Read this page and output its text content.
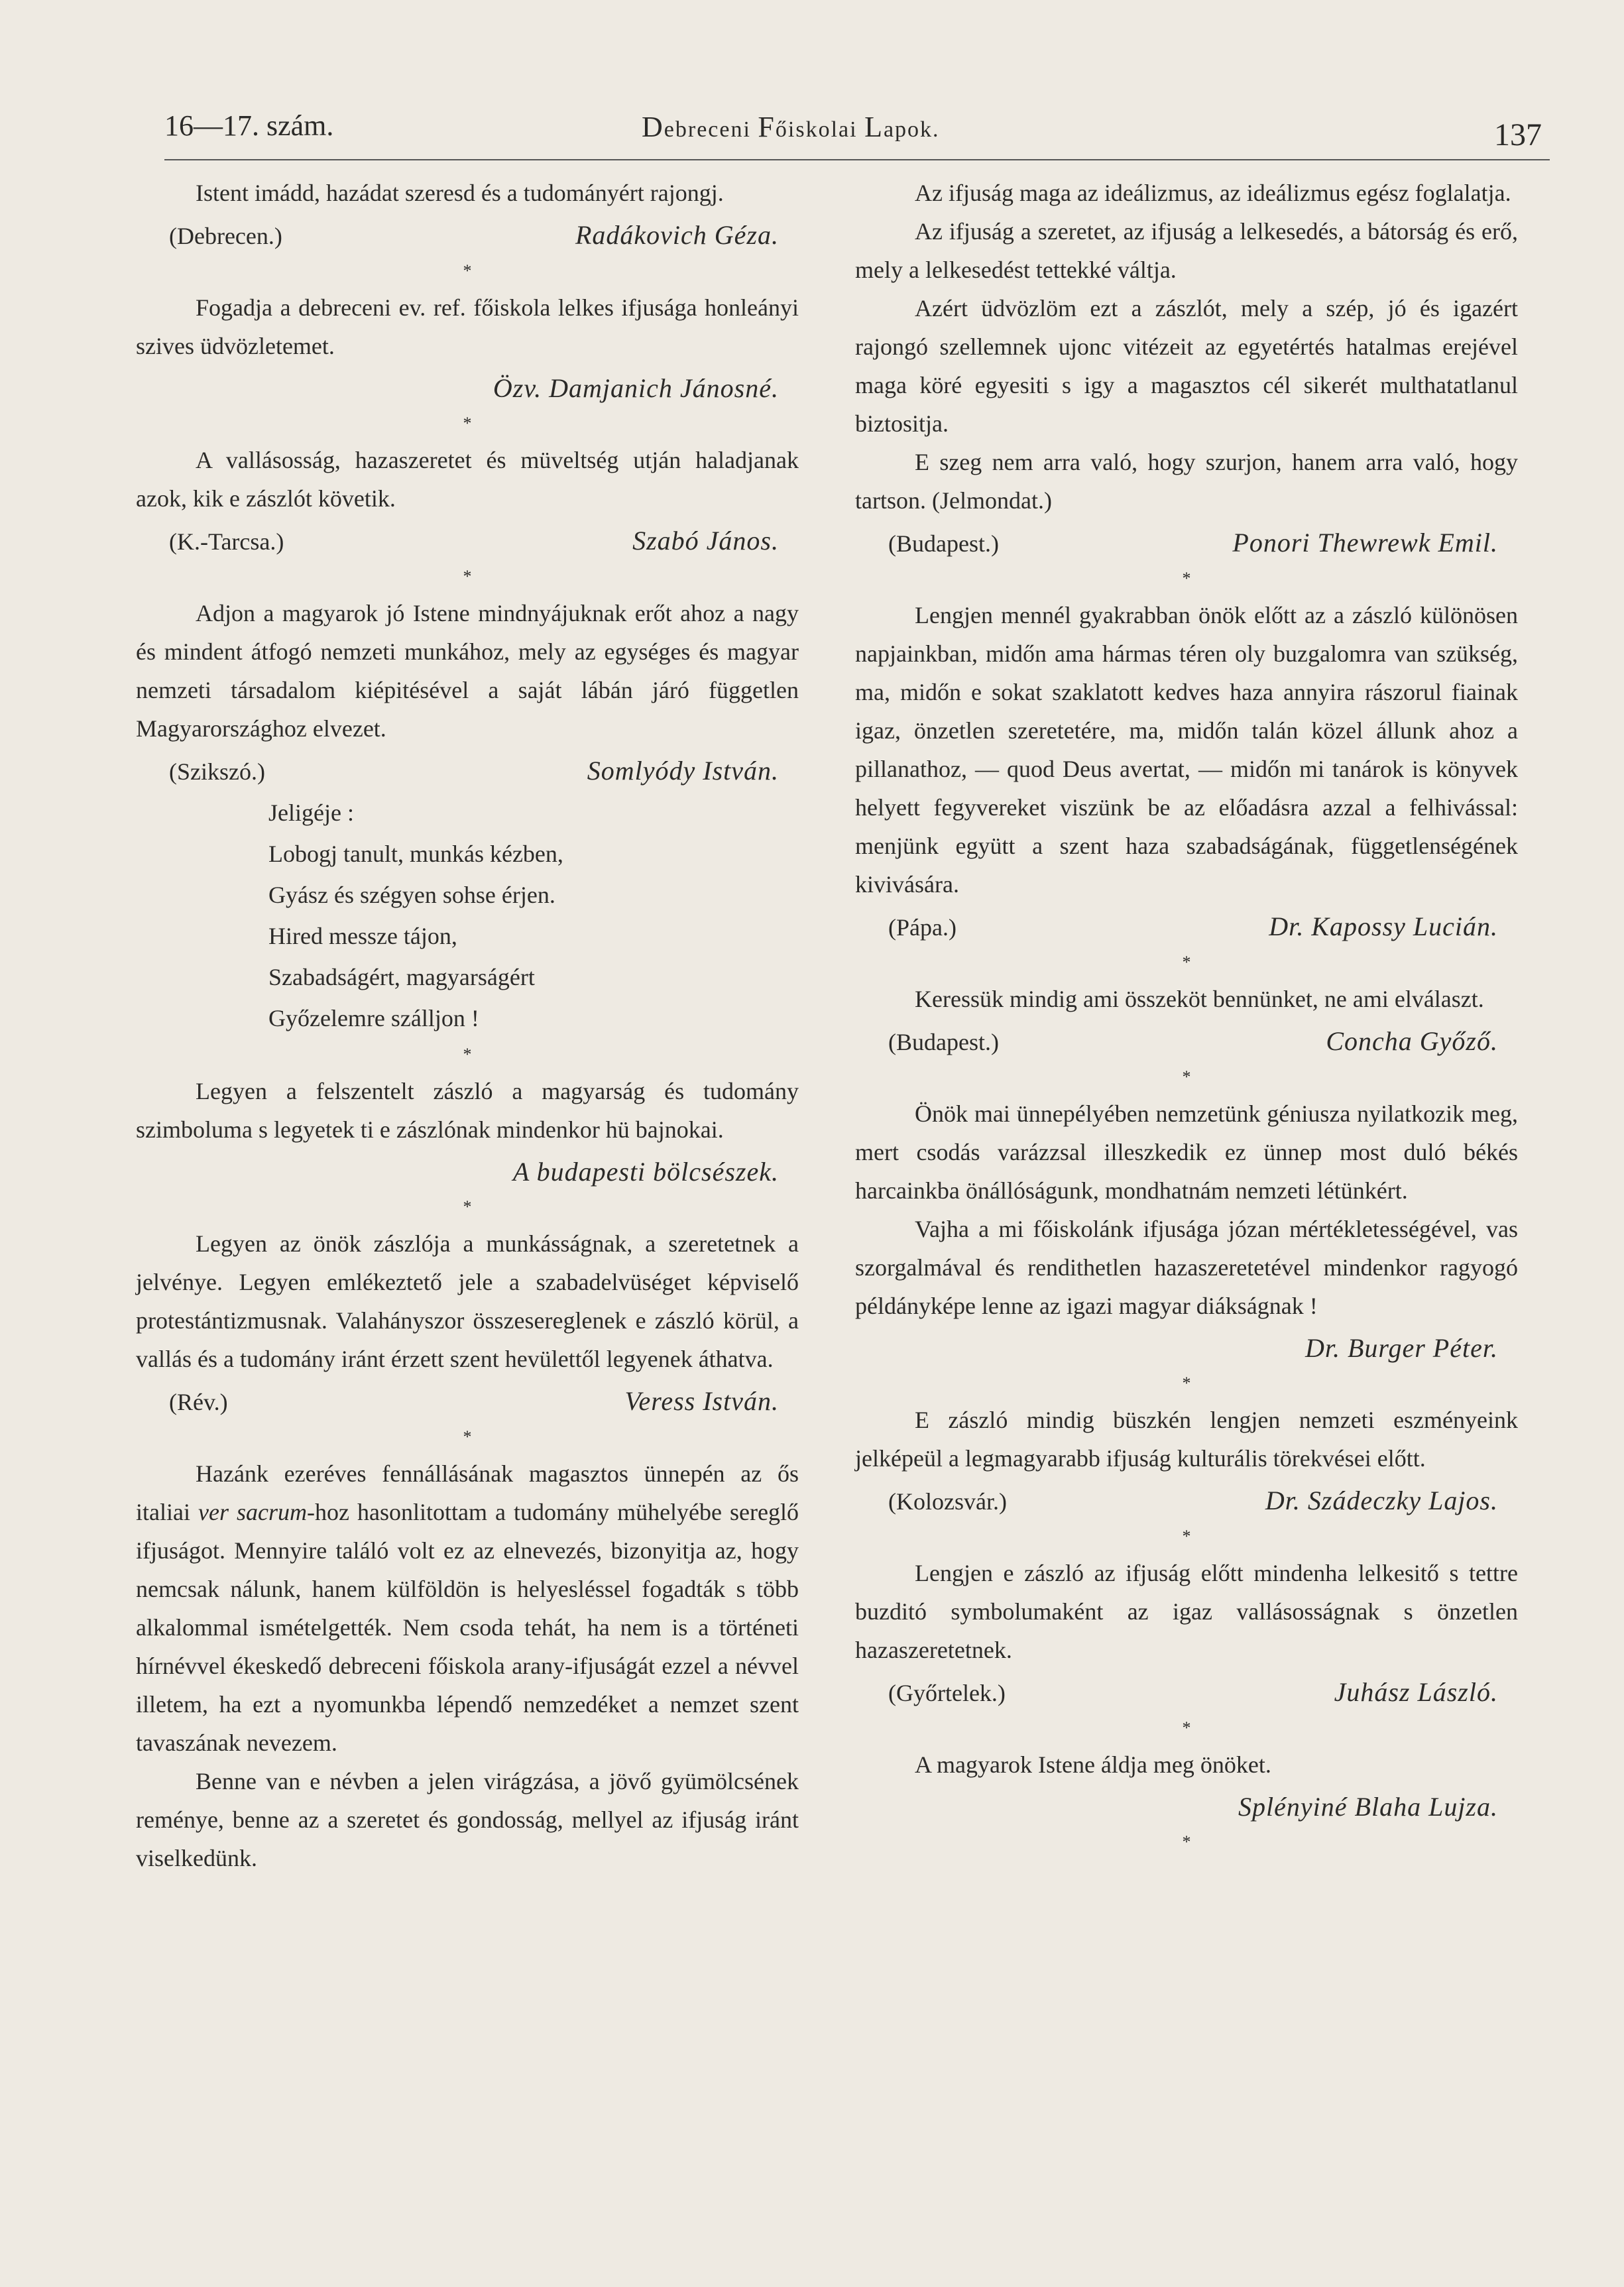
16—17. szám.	Debreceni Főiskolai Lapok.	137

Istent imádd, hazádat szeresd és a tudományért rajongj.

(Debrecen.)	Radákovich Géza.
*

Fogadja a debreceni ev. ref. főiskola lelkes ifjusága honleányi szives üdvözletemet.

Özv. Damjanich Jánosné.
*

A vallásosság, hazaszeretet és müveltség utján haladjanak azok, kik e zászlót követik.

(K.-Tarcsa.)	Szabó János.
*

Adjon a magyarok jó Istene mindnyájuknak erőt ahoz a nagy és mindent átfogó nemzeti munkához, mely az egységes és magyar nemzeti társadalom kiépitésével a saját lábán járó független Magyarországhoz elvezet.

(Szikszó.)	Somlyódy István.
Jeligéje :
Lobogj tanult, munkás kézben,
Gyász és szégyen sohse érjen.
Hired messze tájon,
Szabadságért, magyarságért
Győzelemre szálljon !
*

Legyen a felszentelt zászló a magyarság és tudomány szimboluma s legyetek ti e zászlónak mindenkor hü bajnokai.

A budapesti bölcsészek.
*

Legyen az önök zászlója a munkásságnak, a szeretetnek a jelvénye. Legyen emlékeztető jele a szabadelvüséget képviselő protestántizmusnak. Valahányszor összesereglenek e zászló körül, a vallás és a tudomány iránt érzett szent hevülettől legyenek áthatva.

(Rév.)	Veress István.
*

Hazánk ezeréves fennállásának magasztos ünnepén az ős italiai ver sacrum-hoz hasonlitottam a tudomány mühelyébe sereglő ifjuságot. Mennyire találó volt ez az elnevezés, bizonyitja az, hogy nemcsak nálunk, hanem külföldön is helyesléssel fogadták s több alkalommal ismételgették. Nem csoda tehát, ha nem is a történeti hírnévvel ékeskedő debreceni főiskola arany-ifjuságát ezzel a névvel illetem, ha ezt a nyomunkba lépendő nemzedéket a nemzet szent tavaszának nevezem.

Benne van e névben a jelen virágzása, a jövő gyümölcsének reménye, benne az a szeretet és gondosság, mellyel az ifjuság iránt viselkedünk.

Az ifjuság maga az ideálizmus, az ideálizmus egész foglalatja.

Az ifjuság a szeretet, az ifjuság a lelkesedés, a bátorság és erő, mely a lelkesedést tettekké váltja.

Azért üdvözlöm ezt a zászlót, mely a szép, jó és igazért rajongó szellemnek ujonc vitézeit az egyetértés hatalmas erejével maga köré egyesiti s igy a magasztos cél sikerét multhatatlanul biztositja.

E szeg nem arra való, hogy szurjon, hanem arra való, hogy tartson. (Jelmondat.)

(Budapest.)	Ponori Thewrewk Emil.
*

Lengjen mennél gyakrabban önök előtt az a zászló különösen napjainkban, midőn ama hármas téren oly buzgalomra van szükség, ma, midőn e sokat szaklatott kedves haza annyira rászorul fiainak igaz, önzetlen szeretetére, ma, midőn talán közel állunk ahoz a pillanathoz, — quod Deus avertat, — midőn mi tanárok is könyvek helyett fegyvereket viszünk be az előadásra azzal a felhivással: menjünk együtt a szent haza szabadságának, függetlenségének kivivására.

(Pápa.)	Dr. Kapossy Lucián.
*

Keressük mindig ami összeköt bennünket, ne ami elválaszt.

(Budapest.)	Concha Győző.
*

Önök mai ünnepélyében nemzetünk géniusza nyilatkozik meg, mert csodás varázzsal illeszkedik ez ünnep most duló békés harcainkba önállóságunk, mondhatnám nemzeti létünkért.

Vajha a mi főiskolánk ifjusága józan mértékletességével, vas szorgalmával és rendithetlen hazaszeretetével mindenkor ragyogó példányképe lenne az igazi magyar diákságnak !

Dr. Burger Péter.
*

E zászló mindig büszkén lengjen nemzeti eszményeink jelképeül a legmagyarabb ifjuság kulturális törekvései előtt.

(Kolozsvár.)	Dr. Szádeczky Lajos.
*

Lengjen e zászló az ifjuság előtt mindenha lelkesitő s tettre buzditó symbolumaként az igaz vallásosságnak s önzetlen hazaszeretetnek.

(Győrtelek.)	Juhász László.
*

A magyarok Istene áldja meg önöket.

Splényiné Blaha Lujza.
*
